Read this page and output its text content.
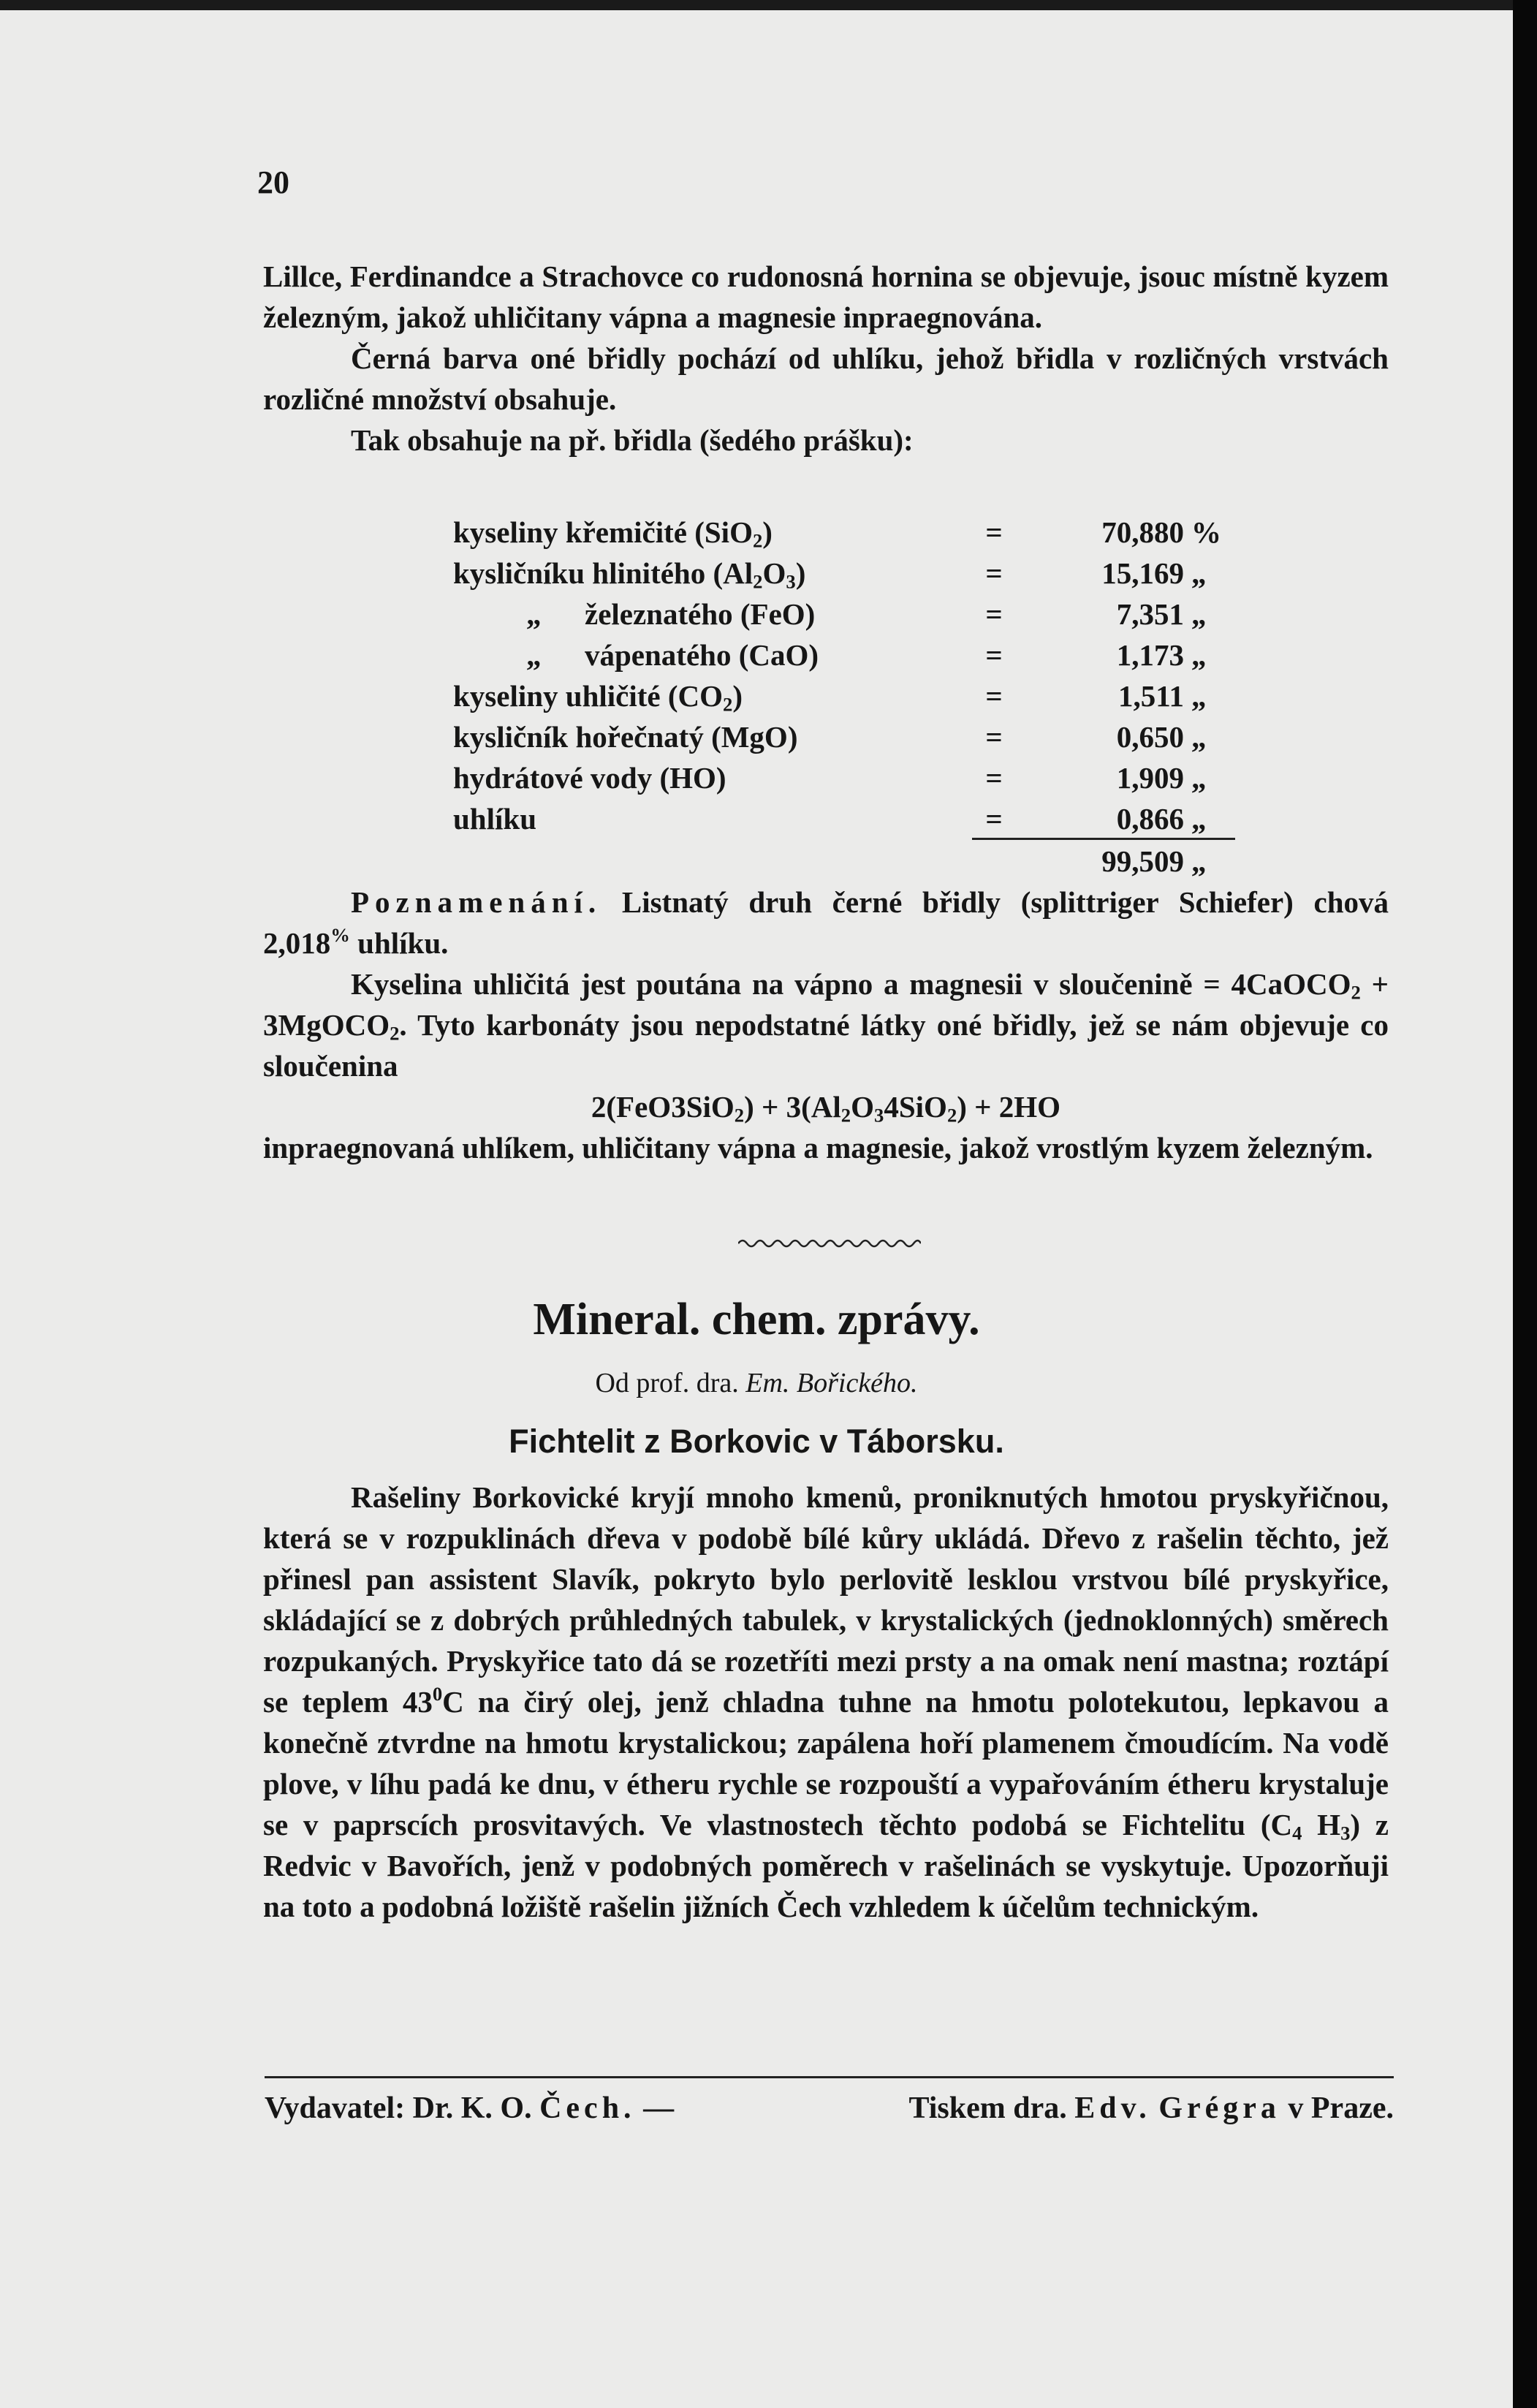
20

Lillce, Ferdinandce a Strachovce co rudonosná hornina se objevuje, jsouc místně kyzem železným, jakož uhličitany vápna a magnesie inpraegnována.

Černá barva oné břidly pochází od uhlíku, jehož břidla v rozličných vrstvách rozličné množství obsahuje.

Tak obsahuje na př. břidla (šedého prášku):

kyseliny křemičité (SiO$_2$)	=	70,880 %
kysličníku hlinitého $(Al_2O_3)$	=	15,169 „
„ železnatého (FeO)	=	7,351 „
„ vápenatého (CaO)	=	1,173 „
kyseliny uhličité $(CO_2)$	=	1,511 „
kysličník hořečnatý (MgO)	=	0,650 „
hydrátové vody (HO)	=	1,909 „
uhlíku	=	0,866 „
99,509 „

Poznamenání. Listnatý druh černé břidly (splittriger Schiefer) chová 2,018% uhlíku.

Kyselina uhličitá jest poutána na vápno a magnesii v sloučenině = 4CaOCO$_2$ + 3MgOCO$_2$. Tyto karbonáty jsou nepodstatné látky oné břidly, jež se nám objevuje co sloučenina

$2(FeO3SiO_2) + 3(Al_2O_34SiO_2) + 2HO$

inpraegnovaná uhlíkem, uhličitany vápna a magnesie, jakož vrostlým kyzem železným.

Mineral. chem. zprávy.
Od prof. dra. Em. Bořického.
Fichtelit z Borkovic v Táborsku.

Rašeliny Borkovické kryjí mnoho kmenů, proniknutých hmotou pryskyřičnou, která se v rozpuklinách dřeva v podobě bílé kůry ukládá. Dřevo z rašelin těchto, jež přinesl pan assistent Slavík, pokryto bylo perlovitě lesklou vrstvou bílé pryskyřice, skládající se z dobrých průhledných tabulek, v krystalických (jednoklonných) směrech rozpukaných. Pryskyřice tato dá se rozetříti mezi prsty a na omak není mastna; roztápí se teplem $43^0C$ na čirý olej, jenž chladna tuhne na hmotu polotekutou, lepkavou a konečně ztvrdne na hmotu krystalickou; zapálena hoří plamenem čmoudícím. Na vodě plove, v líhu padá ke dnu, v étheru rychle se rozpouští a vypařováním étheru krystaluje se v paprscích prosvitavých. Ve vlastnostech těchto podobá se Fichtelitu ($C_4$ $H_3$) z Redvic v Bavořích, jenž v podobných poměrech v rašelinách se vyskytuje. Upozorňuji na toto a podobná ložiště rašelin jižních Čech vzhledem k účelům technickým.

Vydavatel: Dr. K. O. Čech. —	Tiskem dra. Edv. Grégra v Praze.
